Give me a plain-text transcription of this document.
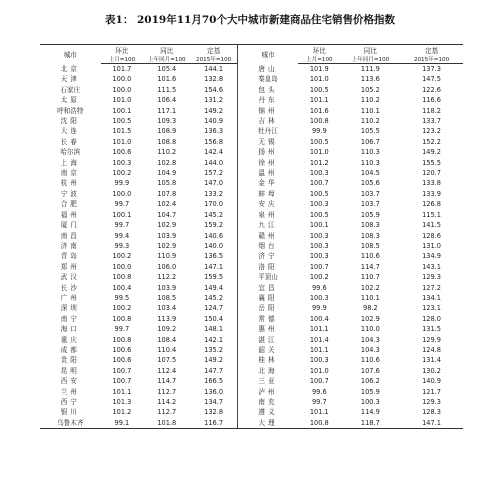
表1： 2019年11月70个大中城市新建商品住宅销售价格指数
城市	环比	同比	定基	城市	环比	同比	定基
	上月=100	上年同月=100	2015年=100		上月=100	上年同月=100	2015年=100
北京	101.7	105.4	144.1	唐山	101.9	111.9	137.3
天津	100.0	101.6	132.8	秦皇岛	101.0	113.6	147.5
石家庄	100.0	111.5	154.6	包头	100.5	105.2	122.6
太原	101.0	106.4	131.2	丹东	101.1	110.2	116.6
呼和浩特	100.1	117.1	149.2	锦州	101.6	110.1	118.2
沈阳	100.5	109.3	140.9	吉林	100.8	110.2	133.7
大连	101.5	108.9	136.3	牡丹江	99.9	105.5	123.2
长春	101.0	108.8	156.8	无锡	100.5	106.7	152.2
哈尔滨	100.6	110.2	142.4	扬州	101.0	110.3	149.2
上海	100.3	102.8	144.0	徐州	101.2	110.3	155.5
南京	100.2	104.9	157.2	温州	100.3	104.5	120.7
杭州	99.9	105.8	147.0	金华	100.7	105.6	133.8
宁波	100.0	107.8	133.2	蚌埠	100.5	103.7	133.9
合肥	99.7	102.4	170.0	安庆	100.3	103.7	126.8
福州	100.1	104.7	145.2	泉州	100.5	105.9	115.1
厦门	99.7	102.9	159.2	九江	100.1	108.3	141.5
南昌	99.4	103.9	140.6	赣州	100.3	108.3	128.6
济南	99.3	102.9	140.0	烟台	100.3	108.5	131.0
青岛	100.2	110.9	136.5	济宁	100.3	110.6	134.9
郑州	100.0	106.0	147.1	洛阳	100.7	114.7	143.1
武汉	100.8	112.2	159.5	平顶山	100.2	110.7	129.3
长沙	100.4	103.9	149.4	宜昌	99.6	102.2	127.2
广州	99.5	108.5	145.2	襄阳	100.3	110.1	134.1
深圳	100.2	103.4	124.7	岳阳	99.9	98.2	123.1
南宁	100.8	113.9	150.4	常德	100.4	102.9	128.0
海口	99.7	109.2	148.1	惠州	101.1	110.0	131.5
重庆	100.8	108.4	142.1	湛江	101.4	104.3	129.9
成都	100.6	110.4	135.2	韶关	101.1	104.3	124.8
贵阳	100.6	107.5	149.2	桂林	100.3	110.6	131.4
昆明	100.7	112.4	147.7	北海	101.0	107.6	130.2
西安	100.7	114.7	166.5	三亚	100.7	106.2	140.9
兰州	101.1	112.7	136.0	泸州	99.6	105.9	121.7
西宁	101.3	114.2	134.7	南充	99.7	100.3	129.3
银川	101.2	112.7	132.8	遵义	101.1	114.9	128.3
乌鲁木齐	99.1	101.8	116.7	大理	100.8	118.7	147.1
